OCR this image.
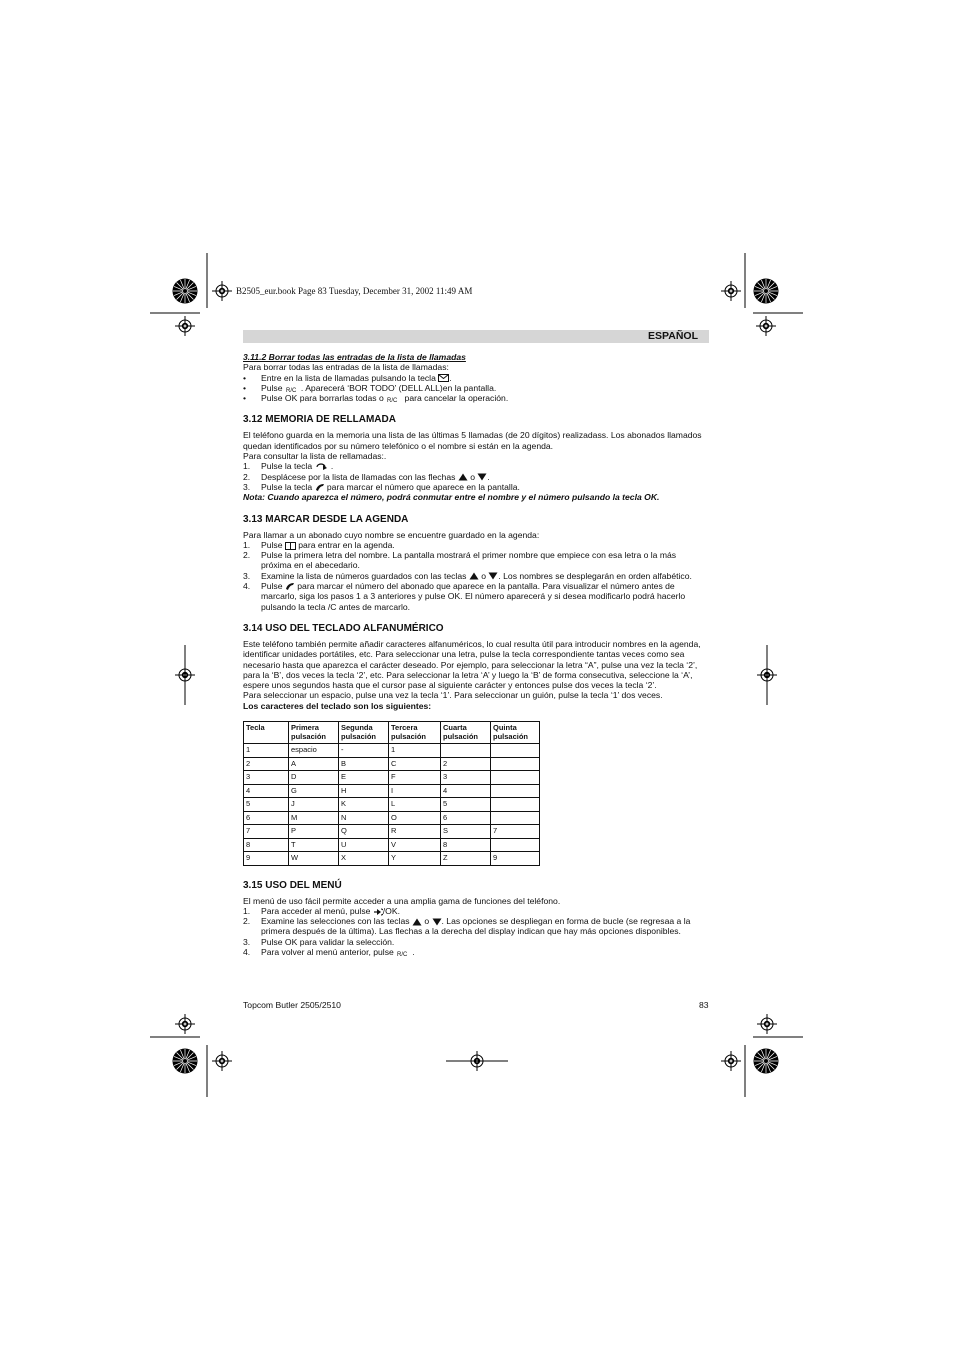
B2505_eur.book Page 83 Tuesday, December 31, 2002 11:49 AM
ESPAÑOL

3.11.2 Borrar todas las entradas de la lista de llamadas

Para borrar todas las entradas de la lista de llamadas:

•	Entre en la lista de llamadas pulsando la tecla .
•	Pulse R/C . Aparecerá ‘BOR TODO’ (DELL ALL)en la pantalla.
•	Pulse OK para borrarlas todas o R/C para cancelar la operación.
3.12 MEMORIA DE RELLAMADA

El teléfono guarda en la memoria una lista de las últimas 5 llamadas (de 20 dígitos) realizadass. Los abonados llamados quedan identificados por su número telefónico o el nombre si están en la agenda.

Para consultar la lista de rellamadas:.

1.	Pulse la tecla .
2.	Desplácese por la lista de llamadas con las flechas o .
3.	Pulse la tecla para marcar el número que aparece en la pantalla.

Nota: Cuando aparezca el número, podrá conmutar entre el nombre y el número pulsando la tecla OK.

3.13 MARCAR DESDE LA AGENDA

Para llamar a un abonado cuyo nombre se encuentre guardado en la agenda:

1.	Pulse para entrar en la agenda.
2.	Pulse la primera letra del nombre. La pantalla mostrará el primer nombre que empiece con esa letra o la más próxima en el abecedario.
3.	Examine la lista de números guardados con las teclas o . Los nombres se desplegarán en orden alfabético.
4.	Pulse para marcar el número del abonado que aparece en la pantalla. Para visualizar el número antes de marcarlo, siga los pasos 1 a 3 anteriores y pulse OK. El número aparecerá y si desea modificarlo podrá hacerlo pulsando la tecla /C antes de marcarlo.
3.14 USO DEL TECLADO ALFANUMÉRICO

Este teléfono también permite añadir caracteres alfanuméricos, lo cual resulta útil para introducir nombres en la agenda, identificar unidades portátiles, etc. Para seleccionar una letra, pulse la tecla correspondiente tantas veces como sea necesario hasta que aparezca el carácter deseado. Por ejemplo, para seleccionar la letra “A”, pulse una vez la tecla ‘2’, para la ‘B’, dos veces la tecla ‘2’, etc. Para seleccionar la letra ‘A’ y luego la ‘B’ de forma consecutiva, seleccione la ‘A’, espere unos segundos hasta que el cursor pase al siguiente carácter y entonces pulse dos veces la tecla ‘2’.

Para seleccionar un espacio, pulse una vez la tecla ‘1’. Para seleccionar un guión, pulse la tecla ‘1’ dos veces.

Los caracteres del teclado son los siguientes:

Tecla	Primera pulsación	Segunda pulsación	Tercera pulsación	Cuarta pulsación	Quinta pulsación
1	espacio	-	1		
2	A	B	C	2	
3	D	E	F	3	
4	G	H	I	4	
5	J	K	L	5	
6	M	N	O	6	
7	P	Q	R	S	7
8	T	U	V	8	
9	W	X	Y	Z	9
3.15 USO DEL MENÚ

El menú de uso fácil permite acceder a una amplia gama de funciones del teléfono.

1.	Para acceder al menú, pulse /OK.
2.	Examine las selecciones con las teclas o . Las opciones se despliegan en forma de bucle (se regresaa a la primera después de la última). Las flechas a la derecha del display indican que hay más opciones disponibles.
3.	Pulse OK para validar la selección.
4.	Para volver al menú anterior, pulse R/C .
Topcom Butler 2505/2510	83
